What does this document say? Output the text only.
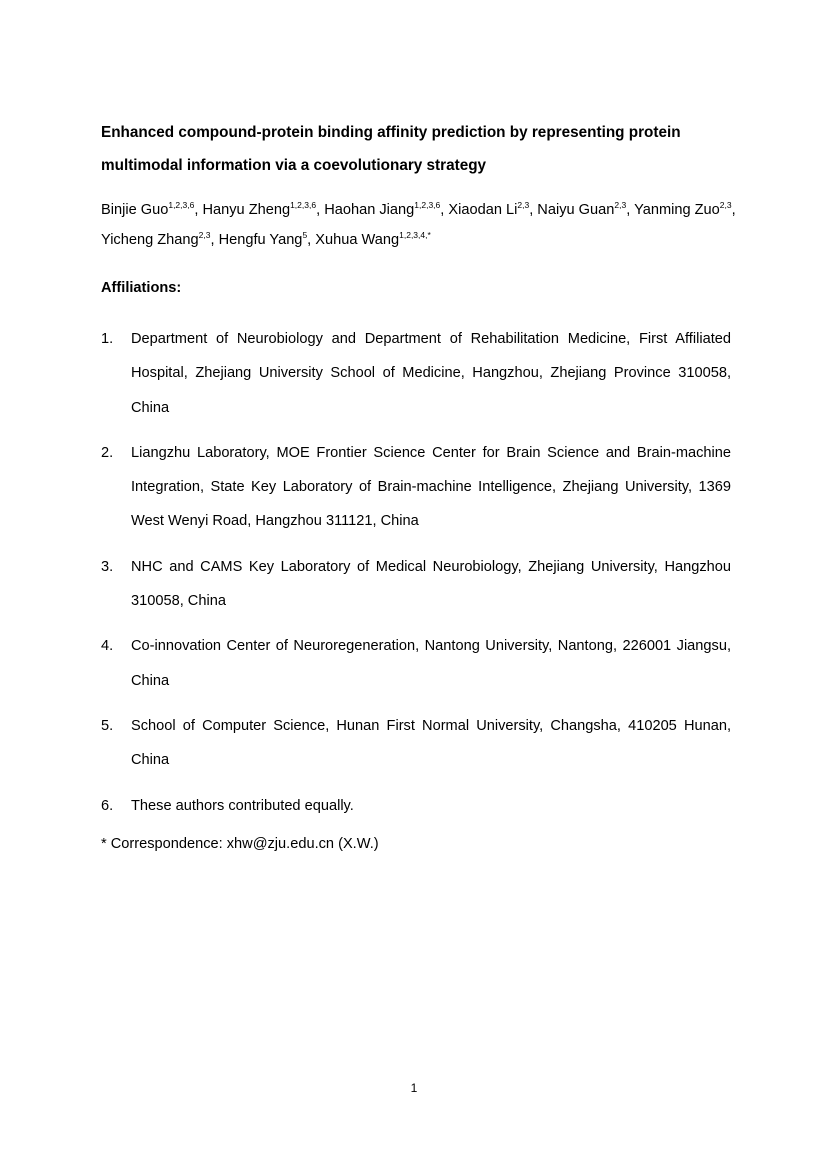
Enhanced compound-protein binding affinity prediction by representing protein
multimodal information via a coevolutionary strategy

Binjie Guo$^{1,2,3,6}$, Hanyu Zheng$^{1,2,3,6}$, Haohan Jiang$^{1,2,3,6}$, Xiaodan Li$^{2,3}$, Naiyu Guan$^{2,3}$, Yanming Zuo$^{2,3}$, Yicheng Zhang$^{2,3}$, Hengfu Yang$^5$, Xuhua Wang$^{1,2,3,4,*}$

Affiliations:
1.	Department of Neurobiology and Department of Rehabilitation Medicine, First Affiliated Hospital, Zhejiang University School of Medicine, Hangzhou, Zhejiang Province 310058, China
2.	Liangzhu Laboratory, MOE Frontier Science Center for Brain Science and Brain-machine Integration, State Key Laboratory of Brain-machine Intelligence, Zhejiang University, 1369 West Wenyi Road, Hangzhou 311121, China
3.	NHC and CAMS Key Laboratory of Medical Neurobiology, Zhejiang University, Hangzhou 310058, China
4.	Co-innovation Center of Neuroregeneration, Nantong University, Nantong, 226001 Jiangsu, China
5.	School of Computer Science, Hunan First Normal University, Changsha, 410205 Hunan, China
6.	These authors contributed equally.

* Correspondence: xhw@zju.edu.cn (X.W.)

1
